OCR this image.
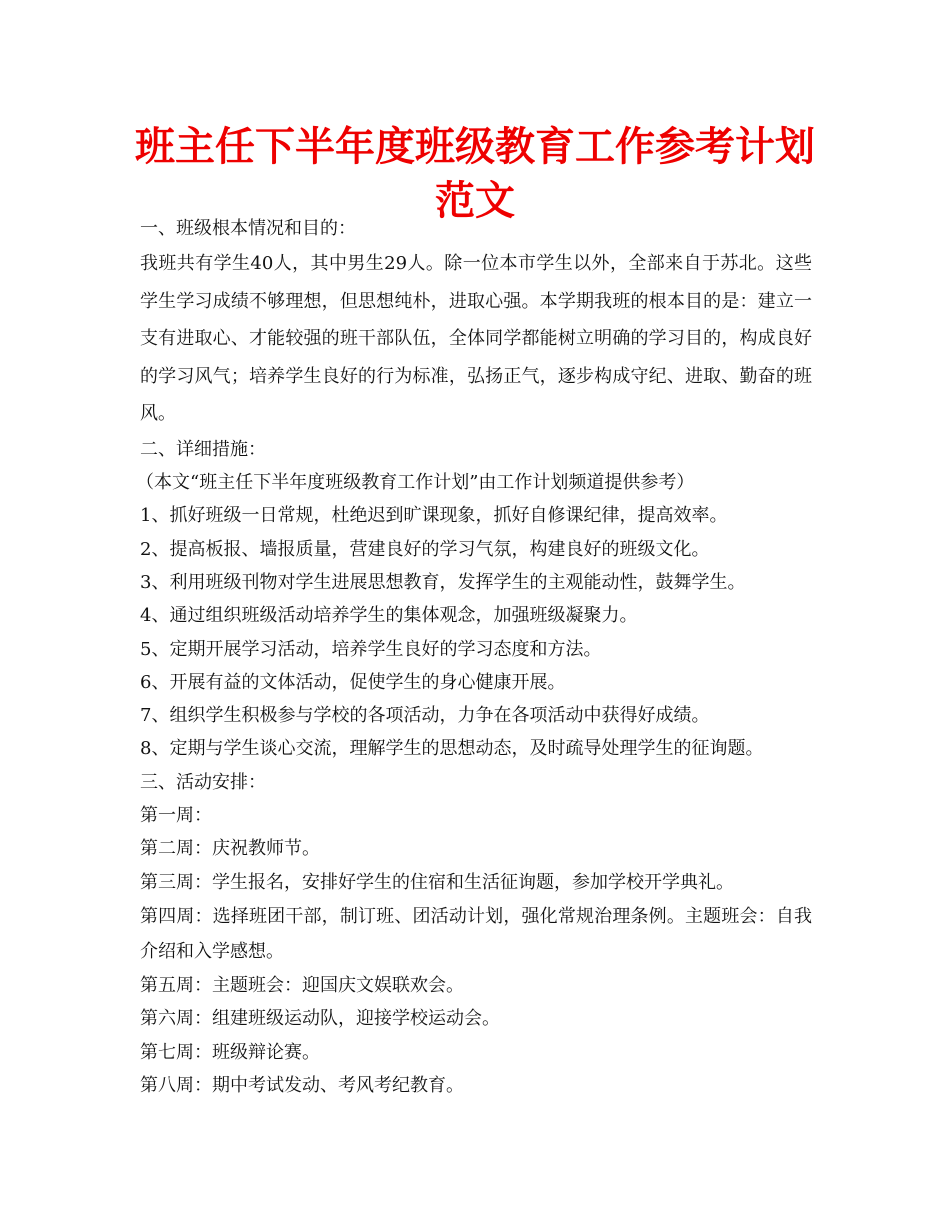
班主任下半年度班级教育工作参考计划范文

一、班级根本情况和目的：

我班共有学生40人，其中男生29人。除一位本市学生以外，全部来自于苏北。这些学生学习成绩不够理想，但思想纯朴，进取心强。本学期我班的根本目的是：建立一支有进取心、才能较强的班干部队伍，全体同学都能树立明确的学习目的，构成良好的学习风气；培养学生良好的行为标准，弘扬正气，逐步构成守纪、进取、勤奋的班风。

二、详细措施：

（本文“班主任下半年度班级教育工作计划”由工作计划频道提供参考）

1、抓好班级一日常规，杜绝迟到旷课现象，抓好自修课纪律，提高效率。

2、提高板报、墙报质量，营建良好的学习气氛，构建良好的班级文化。

3、利用班级刊物对学生进展思想教育，发挥学生的主观能动性，鼓舞学生。

4、通过组织班级活动培养学生的集体观念，加强班级凝聚力。

5、定期开展学习活动，培养学生良好的学习态度和方法。

6、开展有益的文体活动，促使学生的身心健康开展。

7、组织学生积极参与学校的各项活动，力争在各项活动中获得好成绩。

8、定期与学生谈心交流，理解学生的思想动态，及时疏导处理学生的征询题。

三、活动安排：

第一周：

第二周：庆祝教师节。

第三周：学生报名，安排好学生的住宿和生活征询题，参加学校开学典礼。

第四周：选择班团干部，制订班、团活动计划，强化常规治理条例。主题班会：自我介绍和入学感想。

第五周：主题班会：迎国庆文娱联欢会。

第六周：组建班级运动队，迎接学校运动会。

第七周：班级辩论赛。

第八周：期中考试发动、考风考纪教育。
